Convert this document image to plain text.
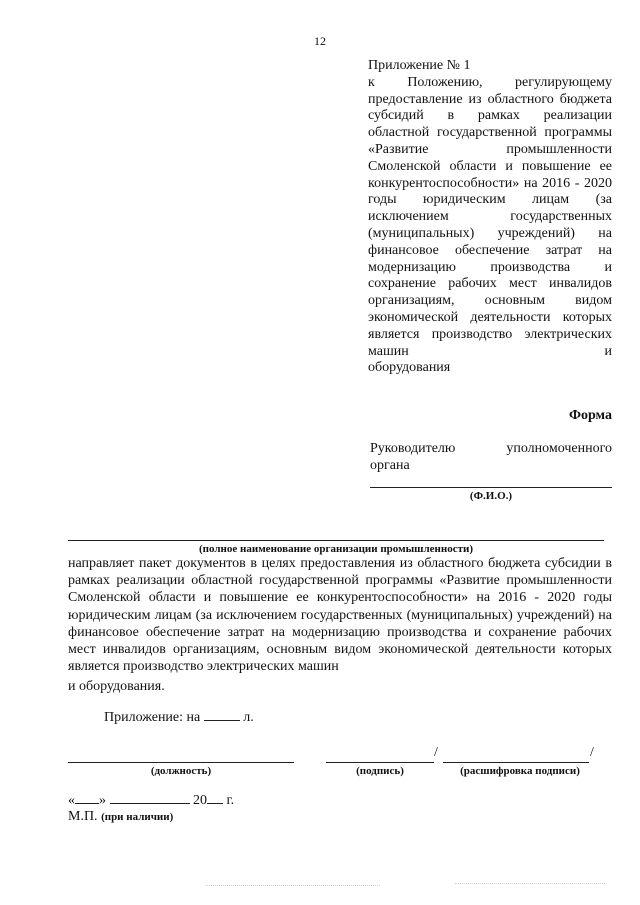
12

Приложение № 1

к Положению, регулирующему предоставление из областного бюджета субсидий в рамках реализации областной государственной программы «Развитие промышленности Смоленской области и повышение ее конкурентоспособности» на 2016 - 2020 годы юридическим лицам (за исключением государственных (муниципальных) учреждений) на финансовое обеспечение затрат на модернизацию производства и сохранение рабочих мест инвалидов организациям, основным видом экономической деятельности которых является производство электрических машин и

оборудования

Форма
Руководителю уполномоченного
органа
(Ф.И.О.)
(полное наименование организации промышленности)

направляет пакет документов в целях предоставления из областного бюджета субсидии в рамках реализации областной государственной программы «Развитие промышленности Смоленской области и повышение ее конкурентоспособности» на 2016 - 2020 годы юридическим лицам (за исключением государственных (муниципальных) учреждений) на финансовое обеспечение затрат на модернизацию производства и сохранение рабочих мест инвалидов организациям, основным видом экономической деятельности которых является производство электрических машин

и оборудования.
Приложение: на	л.
(должность)
/	/
(подпись)	(расшифровка подписи)
« »	20 г.
М.П. (при наличии)
